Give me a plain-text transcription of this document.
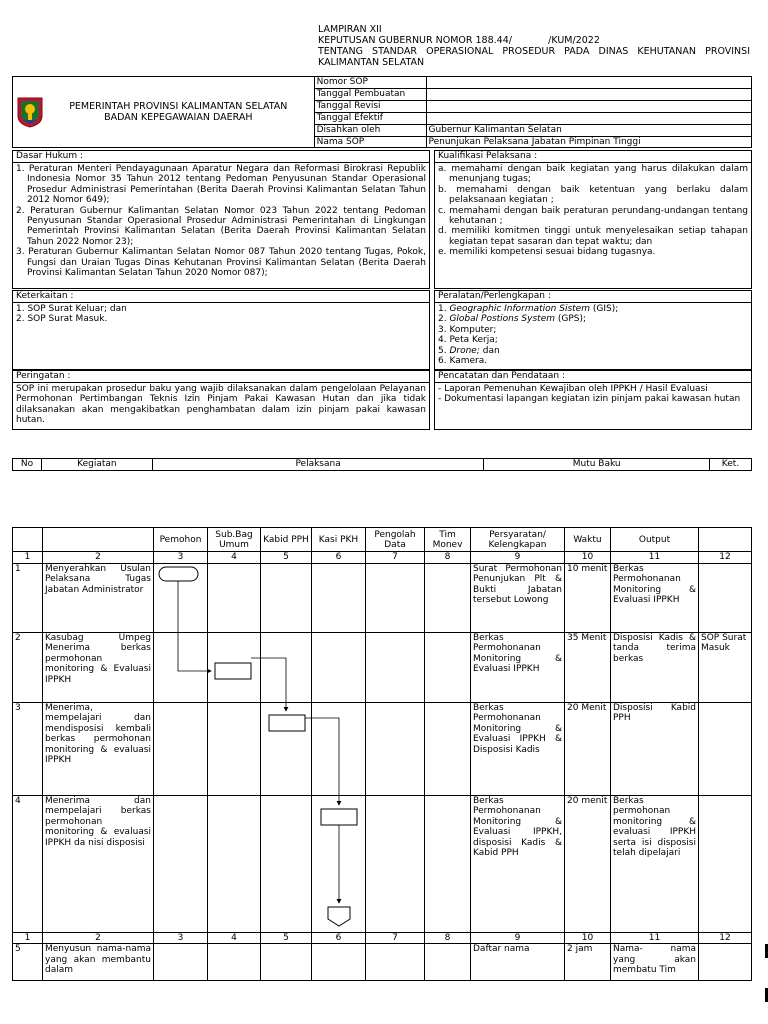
LAMPIRAN XII
KEPUTUSAN GUBERNUR NOMOR 188.44/            /KUM/2022
TENTANG STANDAR OPERASIONAL PROSEDUR PADA DINAS KEHUTANAN PROVINSI KALIMANTAN SELATAN
PEMERINTAH PROVINSI KALIMANTAN SELATAN
BADAN KEPEGAWAIAN DAERAH	Nomor SOP	
	Tanggal Pembuatan	
	Tanggal Revisi	
	Tanggal Efektif	
	Disahkan oleh	Gubernur Kalimantan Selatan
	Nama SOP	Penunjukan Pelaksana Jabatan Pimpinan Tinggi
Dasar Hukum :
1. Peraturan Menteri Pendayagunaan Aparatur Negara dan Reformasi Birokrasi Republik Indonesia Nomor 35 Tahun 2012 tentang Pedoman Penyusunan Standar Operasional Prosedur Administrasi Pemerintahan (Berita Daerah Provinsi Kalimantan Selatan Tahun 2012 Nomor 649);
2. Peraturan Gubernur Kalimantan Selatan Nomor 023 Tahun 2022 tentang Pedoman Penyusunan Standar Operasional Prosedur Administrasi Pemerintahan di Lingkungan Pemerintah Provinsi Kalimantan Selatan (Berita Daerah Provinsi Kalimantan Selatan Tahun 2022 Nomor 23);
3. Peraturan Gubernur Kalimantan Selatan Nomor 087 Tahun 2020 tentang Tugas, Pokok, Fungsi dan Uraian Tugas Dinas Kehutanan Provinsi Kalimantan Selatan (Berita Daerah Provinsi Kalimantan Selatan Tahun 2020 Nomor 087);
Kualifikasi Pelaksana :
a. memahami dengan baik kegiatan yang harus dilakukan dalam menunjang tugas;
b. memahami dengan baik ketentuan yang berlaku dalam pelaksanaan kegiatan ;
c. memahami dengan baik peraturan perundang-undangan tentang kehutanan ;
d. memiliki komitmen tinggi untuk menyelesaikan setiap tahapan kegiatan tepat sasaran dan tepat waktu; dan
e. memiliki kompetensi sesuai bidang tugasnya.
Keterkaitan :
1. SOP Surat Keluar; dan
2. SOP Surat Masuk.
Peralatan/Perlengkapan :
1. Geographic Information Sistem (GIS);
2. Global Postions System (GPS);
3. Komputer;
4. Peta Kerja;
5. Drone; dan
6. Kamera.
Peringatan :
SOP ini merupakan prosedur baku yang wajib dilaksanakan dalam pengelolaan Pelayanan Permohonan Pertimbangan Teknis Izin Pinjam Pakai Kawasan Hutan dan jika tidak dilaksanakan akan mengakibatkan penghambatan dalam izin pinjam pakai kawasan hutan.
Pencatatan dan Pendataan :
- Laporan Pemenuhan Kewajiban oleh IPPKH / Hasil Evaluasi
- Dokumentasi lapangan kegiatan izin pinjam pakai kawasan hutan
No	Kegiatan	Pelaksana	Mutu Baku	Ket.
		Pemohon	Sub.Bag Umum	Kabid PPH	Kasi PKH	Pengolah Data	Tim Monev	Persyaratan/ Kelengkapan	Waktu	Output	
1	2	3	4	5	6	7	8	9	10	11	12
1	Menyerahkan Usulan Pelaksana Tugas Jabatan Administrator							Surat Permohonan Penunjukan Plt & Bukti Jabatan tersebut Lowong	10 menit	Berkas Permohonanan Monitoring & Evaluasi IPPKH	
2	Kasubag Umpeg Menerima berkas permohonan monitoring & Evaluasi IPPKH							Berkas Permohonanan Monitoring & Evaluasi IPPKH	35 Menit	Disposisi Kadis & tanda terima berkas	SOP Surat Masuk
3	Menerima, mempelajari dan mendisposisi kembali berkas permohonan monitoring & evaluasi IPPKH							Berkas Permohonanan Monitoring & Evaluasi IPPKH & Disposisi Kadis	20 Menit	Disposisi Kabid PPH	
4	Menerima dan mempelajari berkas permohonan monitoring & evaluasi IPPKH da nisi disposisi							Berkas Permohonanan Monitoring & Evaluasi IPPKH, disposisi Kadis & Kabid PPH	20 menit	Berkas permohonan monitoring & evaluasi IPPKH serta isi disposisi telah dipelajari	
1	2	3	4	5	6	7	8	9	10	11	12
5	Menyusun nama-nama yang akan membantu dalam							Daftar nama	2 jam	Nama- nama yang akan membatu Tim	
